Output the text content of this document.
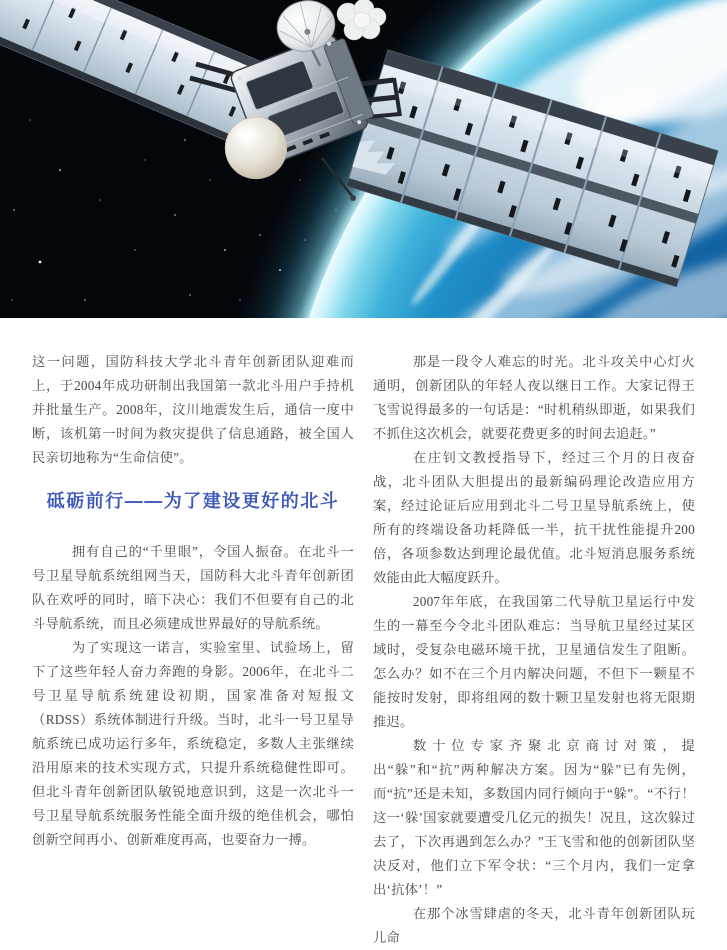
这一问题，国防科技大学北斗青年创新团队迎难而上，于2004年成功研制出我国第一款北斗用户手持机并批量生产。2008年，汶川地震发生后，通信一度中断，该机第一时间为救灾提供了信息通路，被全国人民亲切地称为“生命信使”。

砥砺前行——为了建设更好的北斗

拥有自己的“千里眼”，令国人振奋。在北斗一号卫星导航系统组网当天，国防科大北斗青年创新团队在欢呼的同时，暗下决心：我们不但要有自己的北斗导航系统，而且必须建成世界最好的导航系统。

为了实现这一诺言，实验室里、试验场上，留下了这些年轻人奋力奔跑的身影。2006年，在北斗二号卫星导航系统建设初期，国家准备对短报文（RDSS）系统体制进行升级。当时，北斗一号卫星导航系统已成功运行多年，系统稳定，多数人主张继续沿用原来的技术实现方式，只提升系统稳健性即可。但北斗青年创新团队敏锐地意识到，这是一次北斗一号卫星导航系统服务性能全面升级的绝佳机会，哪怕创新空间再小、创新难度再高，也要奋力一搏。

那是一段令人难忘的时光。北斗攻关中心灯火通明，创新团队的年轻人夜以继日工作。大家记得王飞雪说得最多的一句话是：“时机稍纵即逝，如果我们不抓住这次机会，就要花费更多的时间去追赶。”

在庄钊文教授指导下，经过三个月的日夜奋战，北斗团队大胆提出的最新编码理论改造应用方案，经过论证后应用到北斗二号卫星导航系统上，使所有的终端设备功耗降低一半，抗干扰性能提升200倍，各项参数达到理论最优值。北斗短消息服务系统效能由此大幅度跃升。

2007年年底，在我国第二代导航卫星运行中发生的一幕至今令北斗团队难忘：当导航卫星经过某区域时，受复杂电磁环境干扰，卫星通信发生了阻断。怎么办？如不在三个月内解决问题，不但下一颗星不能按时发射，即将组网的数十颗卫星发射也将无限期推迟。

数十位专家齐聚北京商讨对策，提出“躲”和“抗”两种解决方案。因为“躲”已有先例，而“抗”还是未知，多数国内同行倾向于“躲”。“不行！这一‘躲’国家就要遭受几亿元的损失！况且，这次躲过去了，下次再遇到怎么办？”王飞雪和他的创新团队坚决反对，他们立下军令状：“三个月内，我们一定拿出‘抗体’！”

在那个冰雪肆虐的冬天，北斗青年创新团队玩儿命
